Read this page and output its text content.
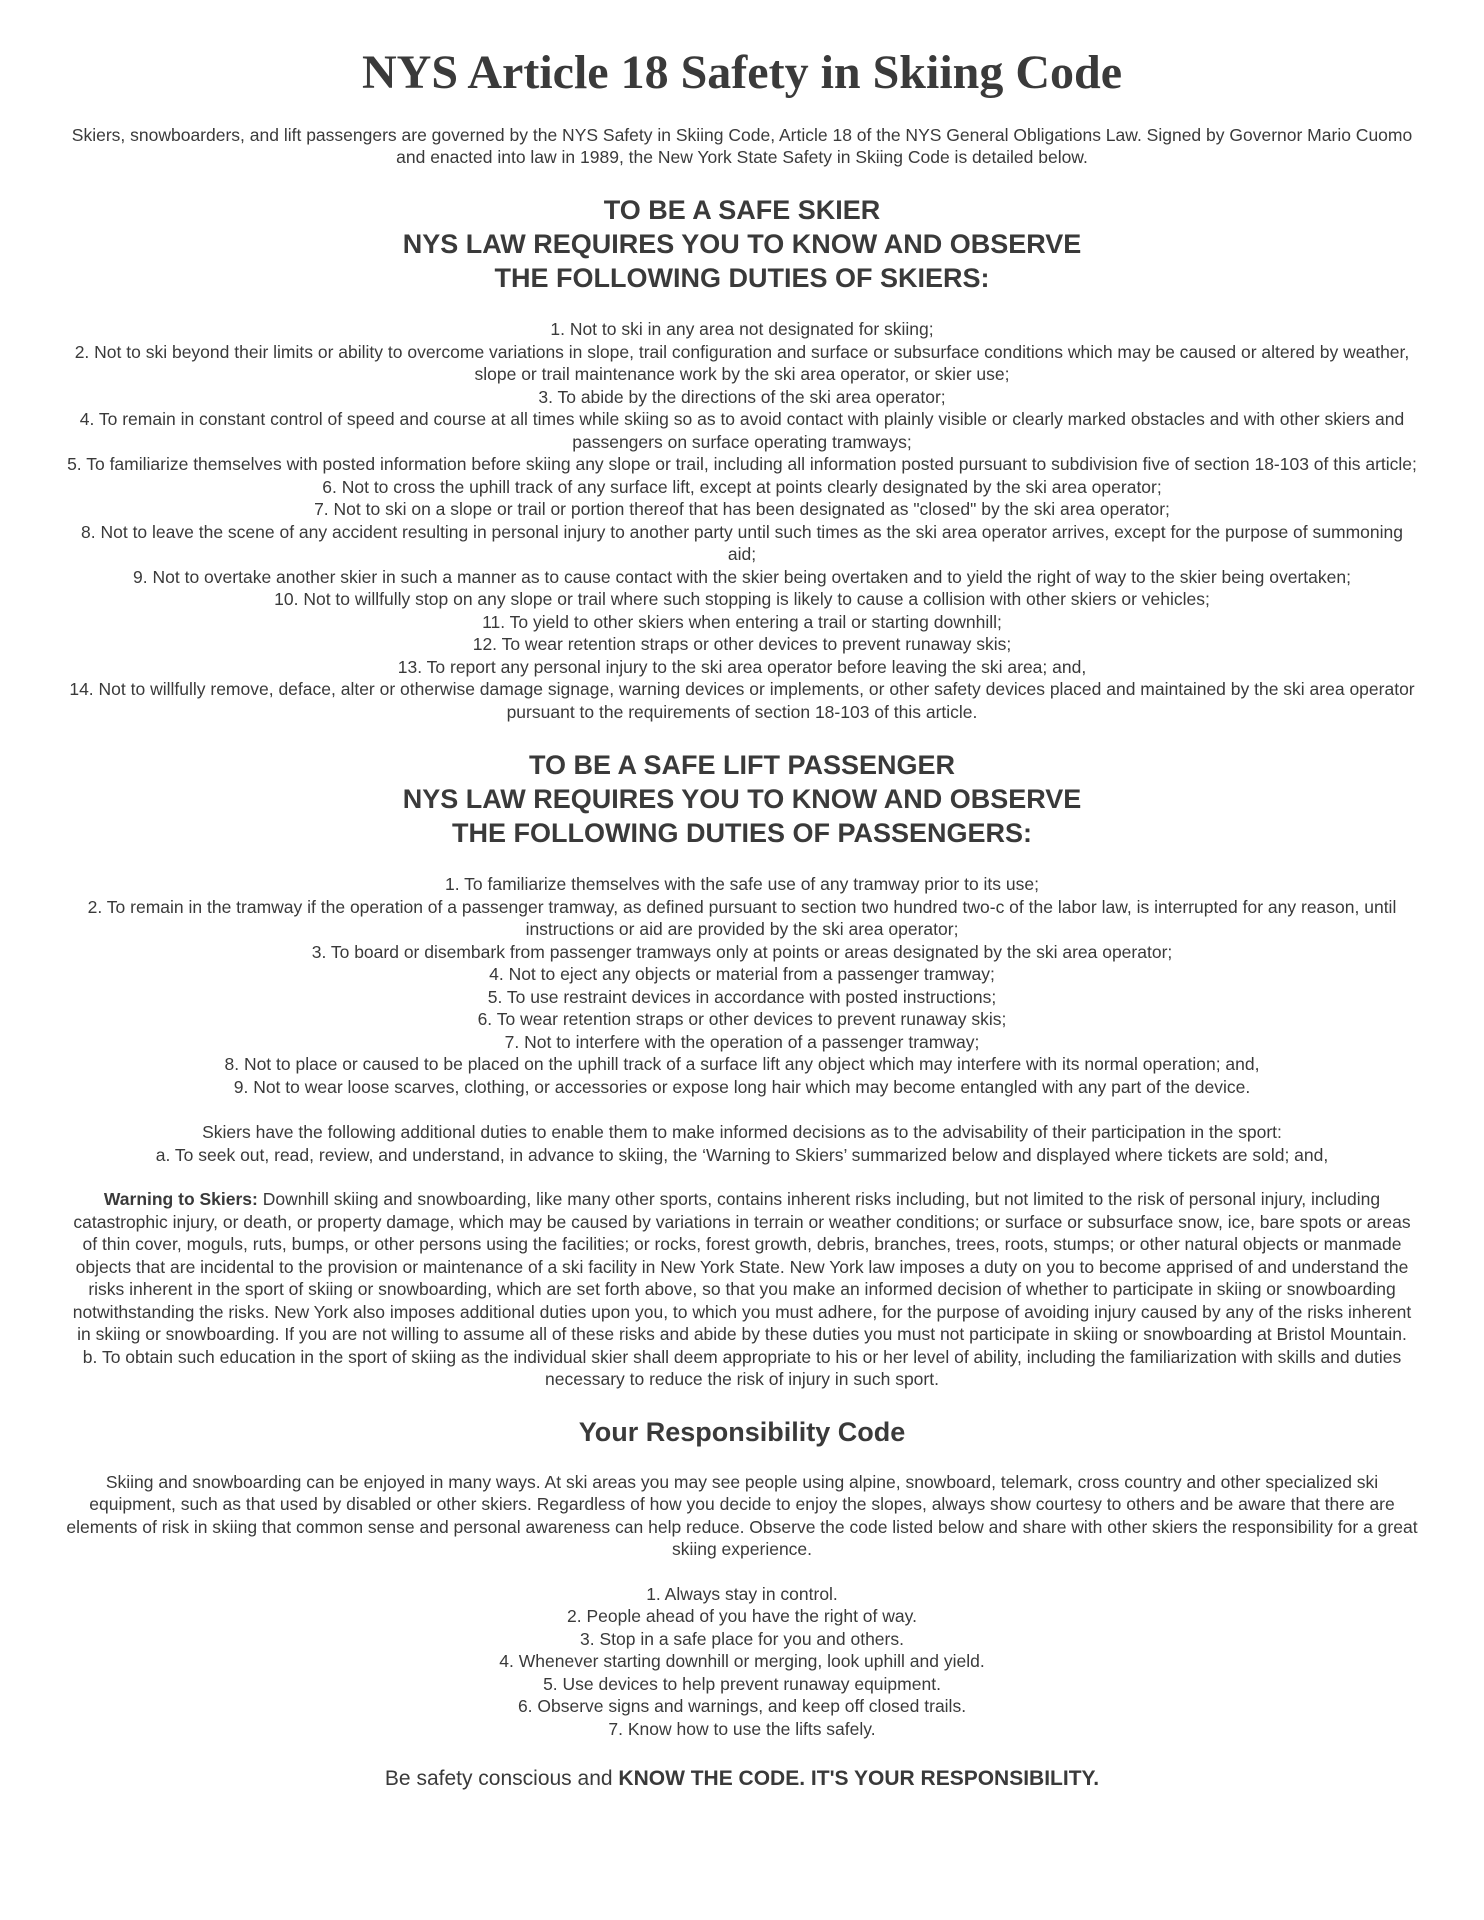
NYS Article 18 Safety in Skiing Code

Skiers, snowboarders, and lift passengers are governed by the NYS Safety in Skiing Code, Article 18 of the NYS General Obligations Law. Signed by Governor Mario Cuomo and enacted into law in 1989, the New York State Safety in Skiing Code is detailed below.

TO BE A SAFE SKIER
NYS LAW REQUIRES YOU TO KNOW AND OBSERVE
THE FOLLOWING DUTIES OF SKIERS:
1. Not to ski in any area not designated for skiing;
2. Not to ski beyond their limits or ability to overcome variations in slope, trail configuration and surface or subsurface conditions which may be caused or altered by weather, slope or trail maintenance work by the ski area operator, or skier use;
3. To abide by the directions of the ski area operator;
4. To remain in constant control of speed and course at all times while skiing so as to avoid contact with plainly visible or clearly marked obstacles and with other skiers and passengers on surface operating tramways;
5. To familiarize themselves with posted information before skiing any slope or trail, including all information posted pursuant to subdivision five of section 18-103 of this article;
6. Not to cross the uphill track of any surface lift, except at points clearly designated by the ski area operator;
7. Not to ski on a slope or trail or portion thereof that has been designated as "closed" by the ski area operator;
8. Not to leave the scene of any accident resulting in personal injury to another party until such times as the ski area operator arrives, except for the purpose of summoning aid;
9. Not to overtake another skier in such a manner as to cause contact with the skier being overtaken and to yield the right of way to the skier being overtaken;
10. Not to willfully stop on any slope or trail where such stopping is likely to cause a collision with other skiers or vehicles;
11. To yield to other skiers when entering a trail or starting downhill;
12. To wear retention straps or other devices to prevent runaway skis;
13. To report any personal injury to the ski area operator before leaving the ski area; and,
14. Not to willfully remove, deface, alter or otherwise damage signage, warning devices or implements, or other safety devices placed and maintained by the ski area operator pursuant to the requirements of section 18-103 of this article.
TO BE A SAFE LIFT PASSENGER
NYS LAW REQUIRES YOU TO KNOW AND OBSERVE
THE FOLLOWING DUTIES OF PASSENGERS:
1. To familiarize themselves with the safe use of any tramway prior to its use;
2. To remain in the tramway if the operation of a passenger tramway, as defined pursuant to section two hundred two-c of the labor law, is interrupted for any reason, until instructions or aid are provided by the ski area operator;
3. To board or disembark from passenger tramways only at points or areas designated by the ski area operator;
4. Not to eject any objects or material from a passenger tramway;
5. To use restraint devices in accordance with posted instructions;
6. To wear retention straps or other devices to prevent runaway skis;
7. Not to interfere with the operation of a passenger tramway;
8. Not to place or caused to be placed on the uphill track of a surface lift any object which may interfere with its normal operation; and,
9. Not to wear loose scarves, clothing, or accessories or expose long hair which may become entangled with any part of the device.

Skiers have the following additional duties to enable them to make informed decisions as to the advisability of their participation in the sport:

a. To seek out, read, review, and understand, in advance to skiing, the ‘Warning to Skiers’ summarized below and displayed where tickets are sold; and,

Warning to Skiers: Downhill skiing and snowboarding, like many other sports, contains inherent risks including, but not limited to the risk of personal injury, including catastrophic injury, or death, or property damage, which may be caused by variations in terrain or weather conditions; or surface or subsurface snow, ice, bare spots or areas of thin cover, moguls, ruts, bumps, or other persons using the facilities; or rocks, forest growth, debris, branches, trees, roots, stumps; or other natural objects or manmade objects that are incidental to the provision or maintenance of a ski facility in New York State. New York law imposes a duty on you to become apprised of and understand the risks inherent in the sport of skiing or snowboarding, which are set forth above, so that you make an informed decision of whether to participate in skiing or snowboarding notwithstanding the risks. New York also imposes additional duties upon you, to which you must adhere, for the purpose of avoiding injury caused by any of the risks inherent in skiing or snowboarding. If you are not willing to assume all of these risks and abide by these duties you must not participate in skiing or snowboarding at Bristol Mountain.

b. To obtain such education in the sport of skiing as the individual skier shall deem appropriate to his or her level of ability, including the familiarization with skills and duties necessary to reduce the risk of injury in such sport.

Your Responsibility Code

Skiing and snowboarding can be enjoyed in many ways. At ski areas you may see people using alpine, snowboard, telemark, cross country and other specialized ski equipment, such as that used by disabled or other skiers. Regardless of how you decide to enjoy the slopes, always show courtesy to others and be aware that there are elements of risk in skiing that common sense and personal awareness can help reduce. Observe the code listed below and share with other skiers the responsibility for a great skiing experience.

1. Always stay in control.
2. People ahead of you have the right of way.
3. Stop in a safe place for you and others.
4. Whenever starting downhill or merging, look uphill and yield.
5. Use devices to help prevent runaway equipment.
6. Observe signs and warnings, and keep off closed trails.
7. Know how to use the lifts safely.

Be safety conscious and KNOW THE CODE. IT'S YOUR RESPONSIBILITY.
